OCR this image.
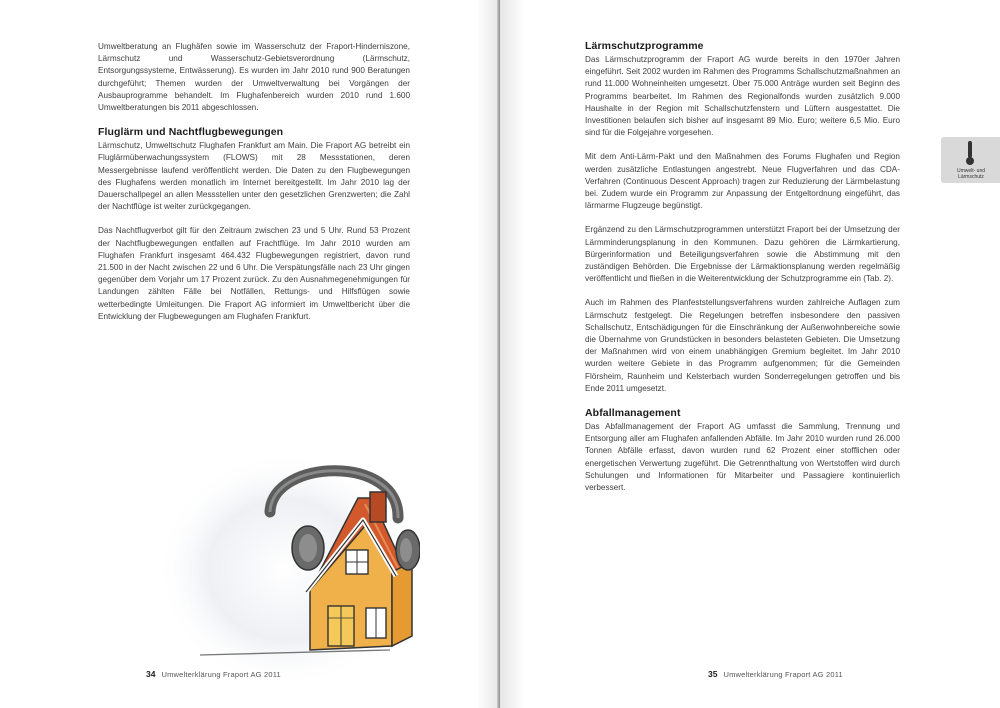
Umweltberatung an Flughäfen sowie im Wasserschutz der Fraport-Hinderniszone, Lärmschutz und Wasserschutz-Gebietsverordnung (Lärmschutz, Entsorgungssysteme, Entwässerung). Es wurden im Jahr 2010 rund 900 Beratungen durchgeführt; Themen wurden der Umweltverwaltung bei Vorgängen der Ausbauprogramme behandelt. Im Flughafenbereich wurden 2010 rund 1.600 Umweltberatungen bis 2011 abgeschlossen.

Fluglärm und Nachtflugbewegungen

Lärmschutz, Umweltschutz Flughafen Frankfurt am Main. Die Fraport AG betreibt ein Fluglärmüberwachungssystem (FLOWS) mit 28 Messstationen, deren Messergebnisse laufend veröffentlicht werden. Die Daten zu den Flugbewegungen des Flughafens werden monatlich im Internet bereitgestellt. Im Jahr 2010 lag der Dauerschallpegel an allen Messstellen unter den gesetzlichen Grenzwerten; die Zahl der Nachtflüge ist weiter zurückgegangen.

Das Nachtflugverbot gilt für den Zeitraum zwischen 23 und 5 Uhr. Rund 53 Prozent der Nachtflugbewegungen entfallen auf Frachtflüge. Im Jahr 2010 wurden am Flughafen Frankfurt insgesamt 464.432 Flugbewegungen registriert, davon rund 21.500 in der Nacht zwischen 22 und 6 Uhr. Die Verspätungsfälle nach 23 Uhr gingen gegenüber dem Vorjahr um 17 Prozent zurück. Zu den Ausnahmegenehmigungen für Landungen zählten Fälle bei Notfällen, Rettungs- und Hilfsflügen sowie wetterbedingte Umleitungen. Die Fraport AG informiert im Umweltbericht über die Entwicklung der Flugbewegungen am Flughafen Frankfurt.

34 Umwelterklärung Fraport AG 2011
Lärmschutzprogramme

Das Lärmschutzprogramm der Fraport AG wurde bereits in den 1970er Jahren eingeführt. Seit 2002 wurden im Rahmen des Programms Schallschutzmaßnahmen an rund 11.000 Wohneinheiten umgesetzt. Über 75.000 Anträge wurden seit Beginn des Programms bearbeitet. Im Rahmen des Regionalfonds wurden zusätzlich 9.000 Haushalte in der Region mit Schallschutzfenstern und Lüftern ausgestattet. Die Investitionen belaufen sich bisher auf insgesamt 89 Mio. Euro; weitere 6,5 Mio. Euro sind für die Folgejahre vorgesehen.

Mit dem Anti-Lärm-Pakt und den Maßnahmen des Forums Flughafen und Region werden zusätzliche Entlastungen angestrebt. Neue Flugverfahren und das CDA-Verfahren (Continuous Descent Approach) tragen zur Reduzierung der Lärmbelastung bei. Zudem wurde ein Programm zur Anpassung der Entgeltordnung eingeführt, das lärmarme Flugzeuge begünstigt.

Ergänzend zu den Lärmschutzprogrammen unterstützt Fraport bei der Umsetzung der Lärmminderungsplanung in den Kommunen. Dazu gehören die Lärmkartierung, Bürgerinformation und Beteiligungsverfahren sowie die Abstimmung mit den zuständigen Behörden. Die Ergebnisse der Lärmaktionsplanung werden regelmäßig veröffentlicht und fließen in die Weiterentwicklung der Schutzprogramme ein (Tab. 2).

Auch im Rahmen des Planfeststellungsverfahrens wurden zahlreiche Auflagen zum Lärmschutz festgelegt. Die Regelungen betreffen insbesondere den passiven Schallschutz, Entschädigungen für die Einschränkung der Außenwohnbereiche sowie die Übernahme von Grundstücken in besonders belasteten Gebieten. Die Umsetzung der Maßnahmen wird von einem unabhängigen Gremium begleitet. Im Jahr 2010 wurden weitere Gebiete in das Programm aufgenommen; für die Gemeinden Flörsheim, Raunheim und Kelsterbach wurden Sonderregelungen getroffen und bis Ende 2011 umgesetzt.

Abfallmanagement

Das Abfallmanagement der Fraport AG umfasst die Sammlung, Trennung und Entsorgung aller am Flughafen anfallenden Abfälle. Im Jahr 2010 wurden rund 26.000 Tonnen Abfälle erfasst, davon wurden rund 62 Prozent einer stofflichen oder energetischen Verwertung zugeführt. Die Getrennthaltung von Wertstoffen wird durch Schulungen und Informationen für Mitarbeiter und Passagiere kontinuierlich verbessert.

Umwelt- und Lärmschutz
35 Umwelterklärung Fraport AG 2011
